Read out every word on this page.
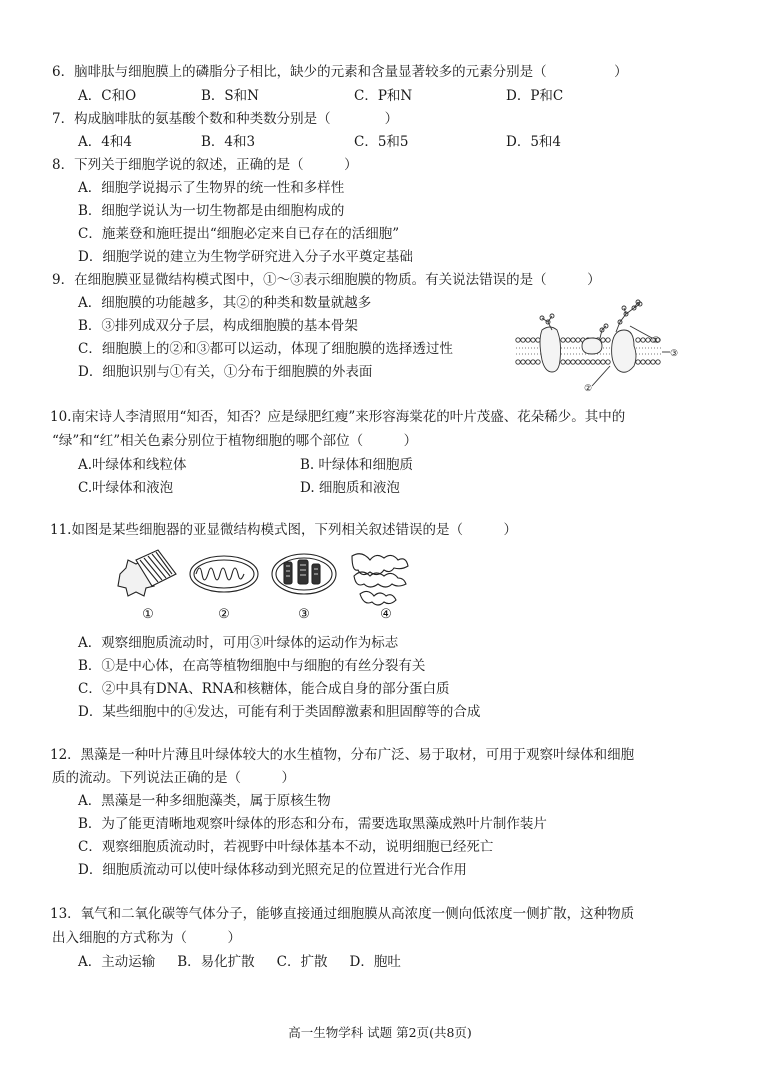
6．脑啡肽与细胞膜上的磷脂分子相比，缺少的元素和含量显著较多的元素分别是（　　　　　）
A．C和O	B．S和N	C．P和N	D．P和C
7．构成脑啡肽的氨基酸个数和种类数分别是（　　　　）
A．4和4	B．4和3	C．5和5	D．5和4
8．下列关于细胞学说的叙述，正确的是（　　　）
A．细胞学说揭示了生物界的统一性和多样性
B．细胞学说认为一切生物都是由细胞构成的
C．施莱登和施旺提出“细胞必定来自已存在的活细胞”
D．细胞学说的建立为生物学研究进入分子水平奠定基础
9．在细胞膜亚显微结构模式图中，①～③表示细胞膜的物质。有关说法错误的是（　　　）
A．细胞膜的功能越多，其②的种类和数量就越多
B．③排列成双分子层，构成细胞膜的基本骨架
C．细胞膜上的②和③都可以运动，体现了细胞膜的选择透过性
D．细胞识别与①有关，①分布于细胞膜的外表面
①
②
③
10.南宋诗人李清照用“知否，知否？应是绿肥红瘦”来形容海棠花的叶片茂盛、花朵稀少。其中的
“绿”和“红”相关色素分别位于植物细胞的哪个部位（　　　）
A.叶绿体和线粒体	B. 叶绿体和细胞质
C.叶绿体和液泡	D. 细胞质和液泡
11.如图是某些细胞器的亚显微结构模式图，下列相关叙述错误的是（　　　）
①	②	③	④
A．观察细胞质流动时，可用③叶绿体的运动作为标志
B．①是中心体，在高等植物细胞中与细胞的有丝分裂有关
C．②中具有DNA、RNA和核糖体，能合成自身的部分蛋白质
D．某些细胞中的④发达，可能有利于类固醇激素和胆固醇等的合成
12．黑藻是一种叶片薄且叶绿体较大的水生植物，分布广泛、易于取材，可用于观察叶绿体和细胞
质的流动。下列说法正确的是（　　　）
A．黑藻是一种多细胞藻类，属于原核生物
B．为了能更清晰地观察叶绿体的形态和分布，需要选取黑藻成熟叶片制作装片
C．观察细胞质流动时，若视野中叶绿体基本不动，说明细胞已经死亡
D．细胞质流动可以使叶绿体移动到光照充足的位置进行光合作用
13．氧气和二氧化碳等气体分子，能够直接通过细胞膜从高浓度一侧向低浓度一侧扩散，这种物质
出入细胞的方式称为（　　　）
A．主动运输 B．易化扩散 C．扩散 D．胞吐
高一生物学科 试题 第2页(共8页)
